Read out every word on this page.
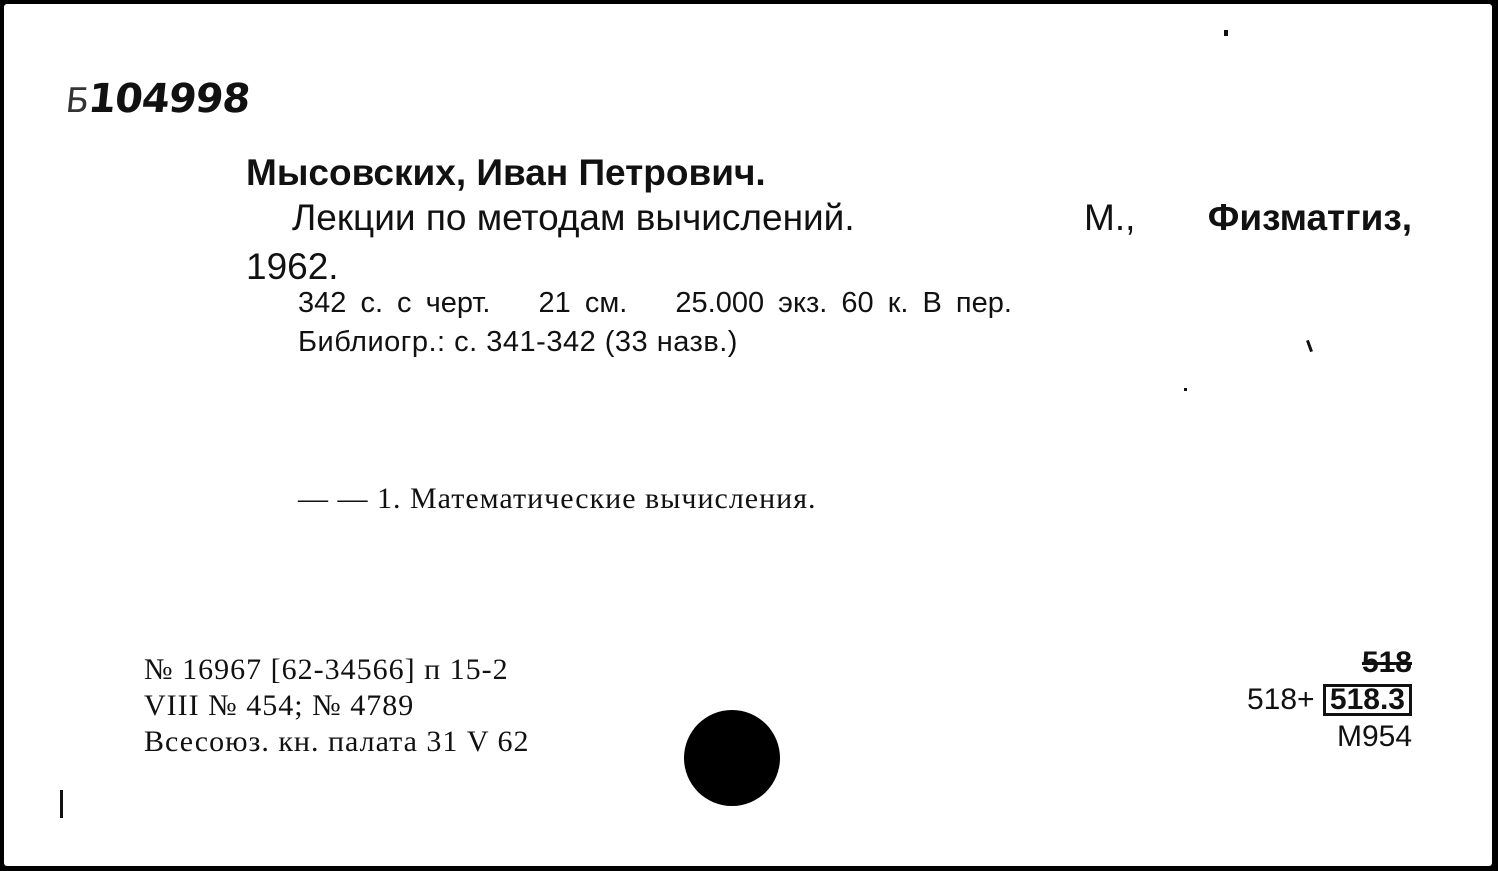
Б104998
Мысовских, Иван Петрович.
Лекции по методам вычислений.	М., Физматгиз,
1962.
342 с. с черт. 21 см. 25.000 экз. 60 к. В пер.
Библиогр.: с. 341-342 (33 назв.)
— — 1. Математические вычисления.
№ 16967 [62-34566] п 15-2
VIII № 454; № 4789
Всесоюз. кн. палата 31 V 62
518
518+ 518.3
М954
